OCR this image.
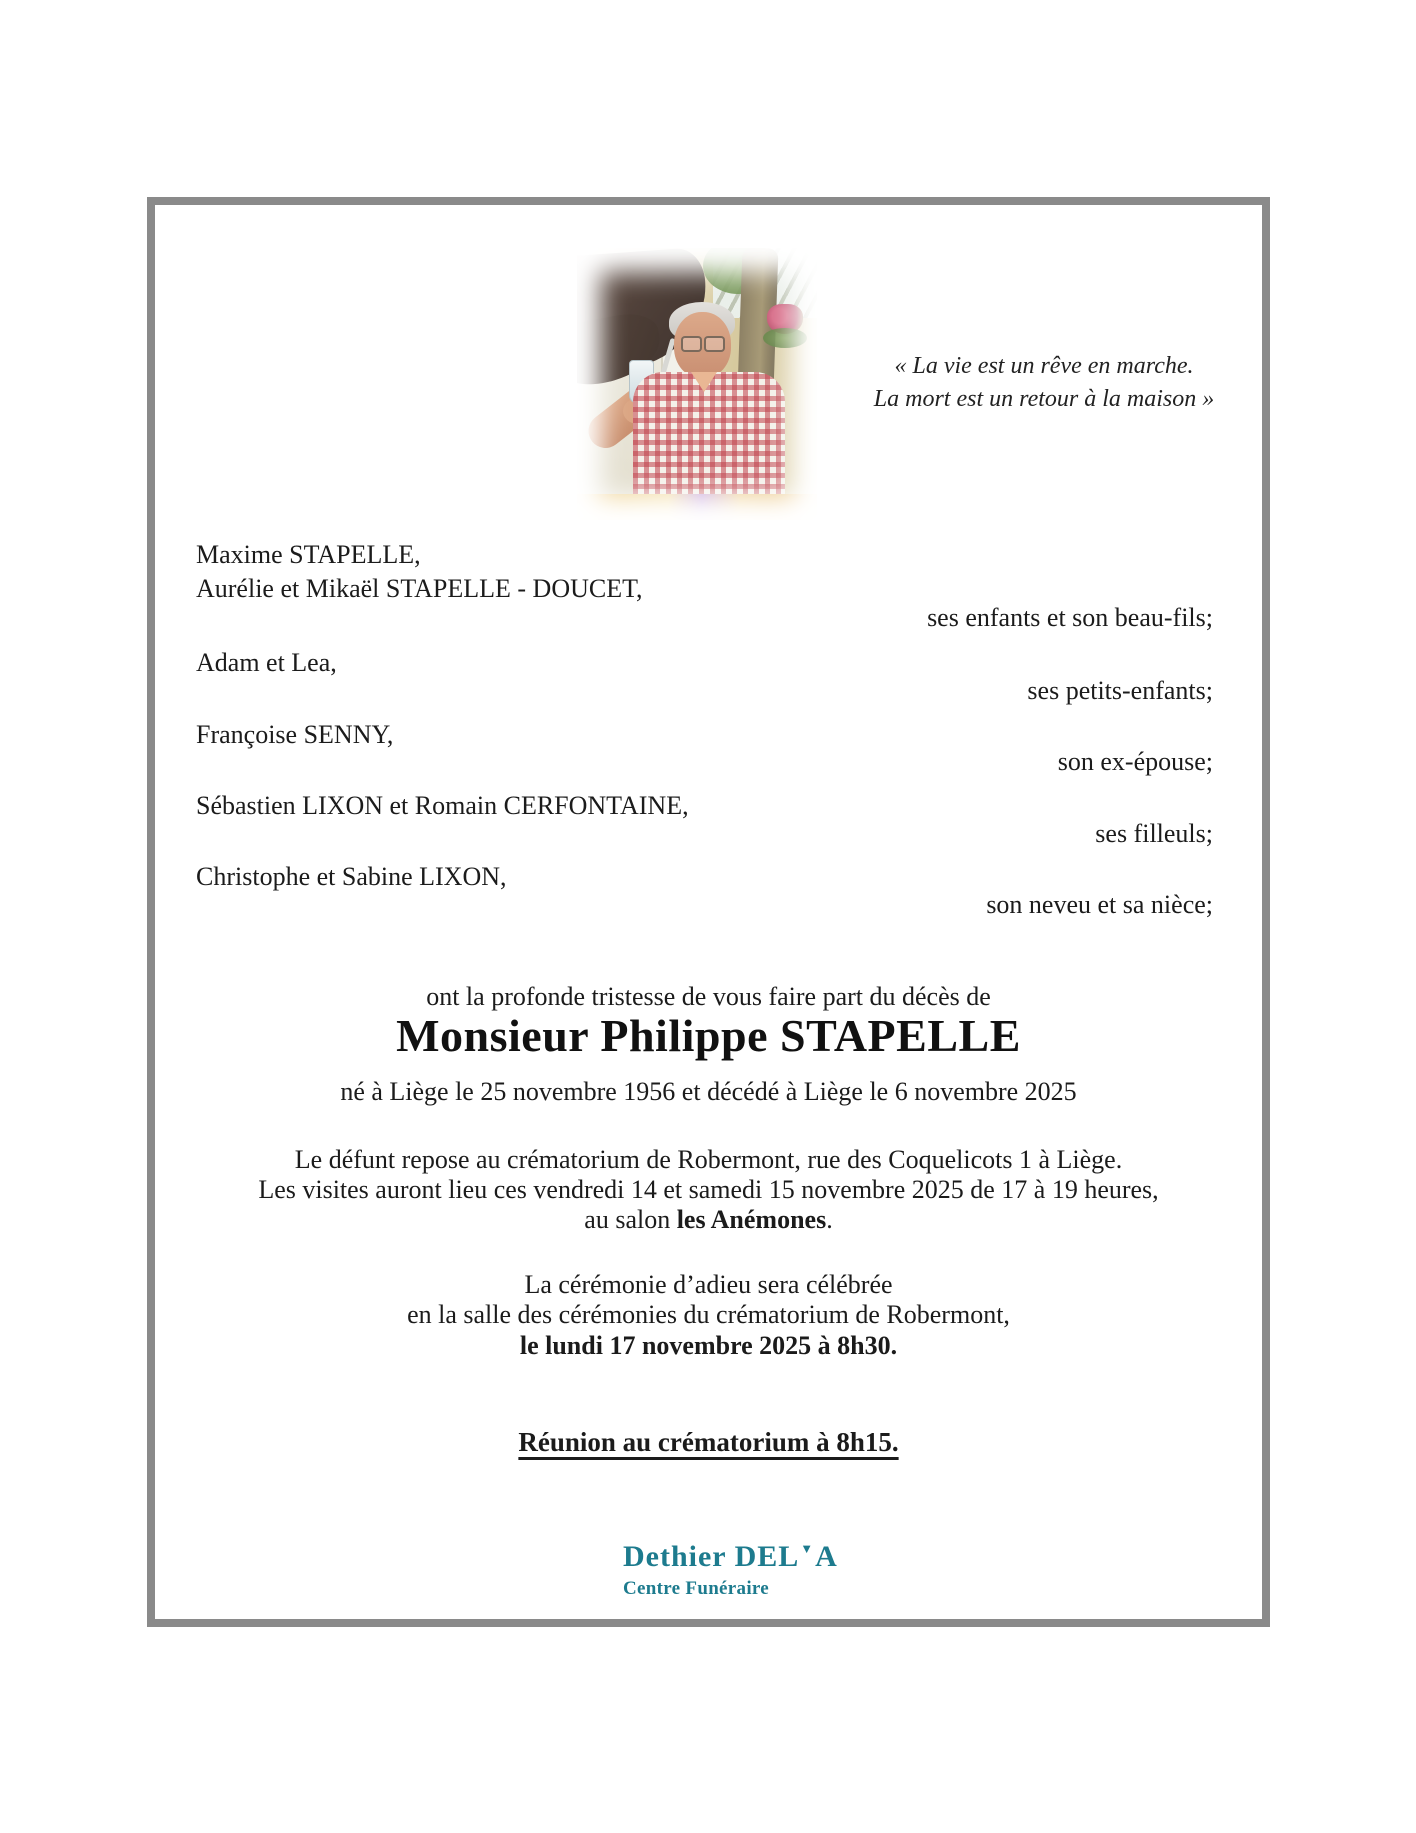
« La vie est un rêve en marche.
La mort est un retour à la maison »
Maxime STAPELLE,
Aurélie et Mikaël STAPELLE - DOUCET,
ses enfants et son beau-fils;
Adam et Lea,
ses petits-enfants;
Françoise SENNY,
son ex-épouse;
Sébastien LIXON et Romain CERFONTAINE,
ses filleuls;
Christophe et Sabine LIXON,
son neveu et sa nièce;
ont la profonde tristesse de vous faire part du décès de
Monsieur Philippe STAPELLE
né à Liège le 25 novembre 1956 et décédé à Liège le 6 novembre 2025
Le défunt repose au crématorium de Robermont, rue des Coquelicots 1 à Liège.
Les visites auront lieu ces vendredi 14 et samedi 15 novembre 2025 de 17 à 19 heures,
au salon les Anémones.
La cérémonie d’adieu sera célébrée
en la salle des cérémonies du crématorium de Robermont,
le lundi 17 novembre 2025 à 8h30.
Réunion au crématorium à 8h15.
Dethier DEL▼A
Centre Funéraire
